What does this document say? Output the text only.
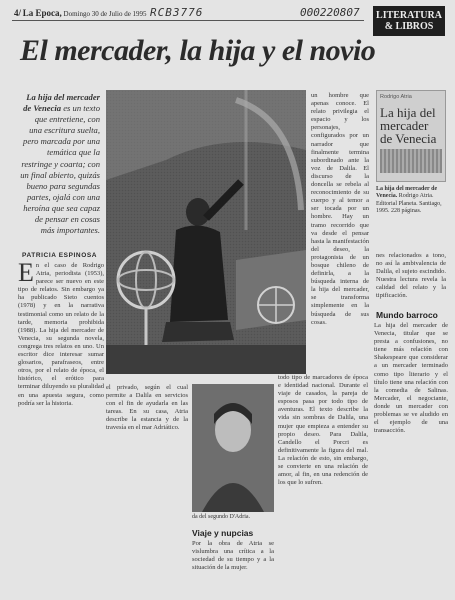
4/ La Epoca, Domingo 30 de Julio de 1995 RCB3776	000220807	LITERATURA
& LIBROS
El mercader, la hija y el novio
La hija del mercader de Venecia es un texto que entretiene, con una escritura suelta, pero marcada por una temática que la restringe y coarta; con un final abierto, quizás bueno para segundas partes, ojalá con una heroína que sea capaz de pensar en cosas más importantes.
un hombre que apenas conoce. El relato privilegia el espacio y los personajes, configurados por un narrador que finalmente termina subordinado ante la voz de Dalila. El discurso de la doncella se rebela al reconocimiento de su cuerpo y al temor a ser tocada por un hombre. Hay un tramo recorrido que va desde el pensar hasta la manifestación del deseo, la protagonista de un bosque chileno de definirla, a la búsqueda interna de la hija del mercader, se transforma simplemente en la búsqueda de sus cosas.
Rodrigo Atria
La hija del mercader de Venecia
La hija del mercader de Venecia. Rodrigo Atria. Editorial Planeta. Santiago, 1995. 228 páginas.
nes relacionados a tono, no así la ambivalencia de Dalila, el sujeto escindido. Nuestra lectura revela la calidad del relato y la tipificación.
Mundo barroco
PATRICIA ESPINOSA
E n el caso de Rodrigo Atria, periodista (1953), parece ser nuevo en este tipo de relatos. Sin embargo ya ha publicado Sieto cuentos (1978) y en la narrativa testimonial como un relato de la tarde, memoria prohibida (1988). La hija del mercader de Venecia, su segunda novela, congrega tres relatos en uno. Un escritor dice interesar sumar glosarios, parafraseos, entre otros, por el relato de época, el histórico, el erótico para terminar diluyendo su pluralidad en una apuesta segura, como podría ser la historia.
el privado, según el cual permite a Dalila en servicios con el fin de ayudarla en las tareas. En su casa, Atria describe la estancia y de la travesía en el mar Adriático.
da del segundo D'Adria.
Viaje y nupcias
Por la obra de Atria se vislumbra una crítica a la sociedad de su tiempo y a la situación de la mujer.
todo tipo de marcadores de época e identidad nacional. Durante el viaje de casados, la pareja de esposos pasa por todo tipo de aventuras. El texto describe la vida sin sombras de Dalila, una mujer que empieza a entender su propio deseo. Para Dalila, Candello el Porcri es definitivamente la figura del mal. La relación de esto, sin embargo, se convierte en una relación de amor, al fin, en una redención de los que lo sufren.
La hija del mercader de Venecia, titular que se presta a confusiones, no tiene más relación con Shakespeare que considerar a un mercader terminado como tipo literario y el título tiene una relación con la comedia de Salinas. Mercader, el negociante, donde un mercader con problemas se ve aludido en el ejemplo de una transacción.
